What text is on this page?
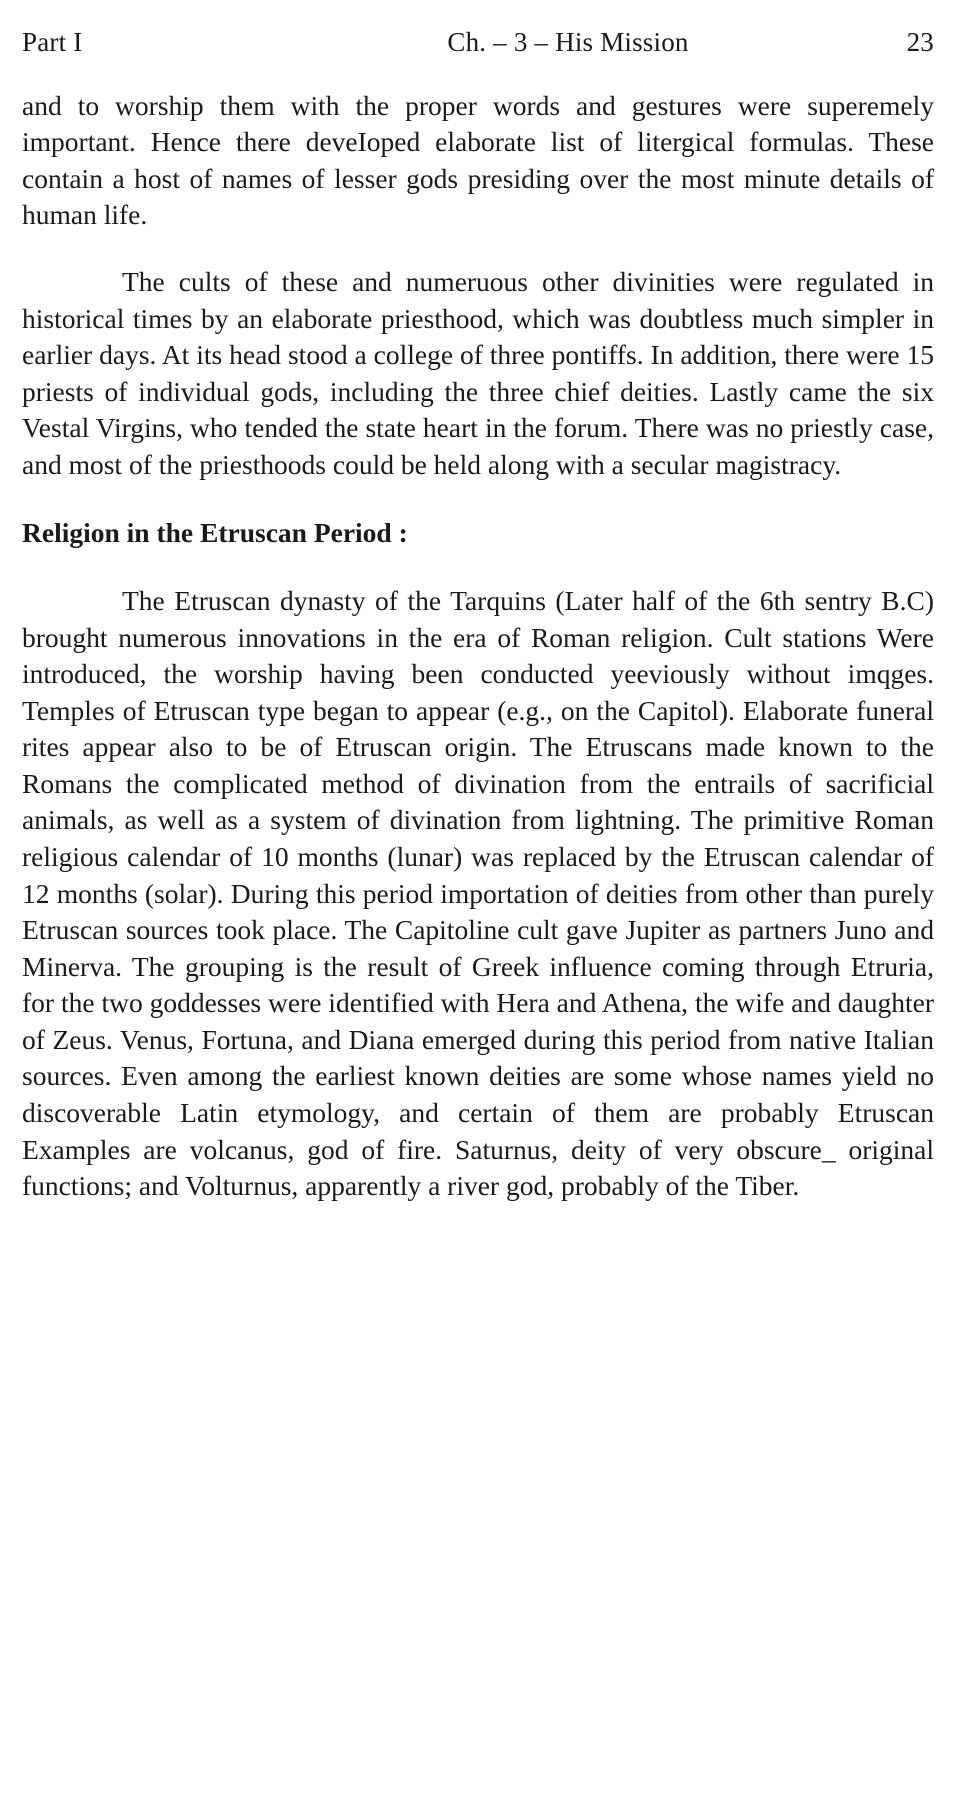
Part I	Ch. – 3 – His Mission	23

and to worship them with the proper words and gestures were superemely important. Hence there deveIoped elaborate list of litergical formulas. These contain a host of names of lesser gods presiding over the most minute details of human life.

The cults of these and numeruous other divinities were regulated in historical times by an elaborate priesthood, which was doubtless much simpler in earlier days. At its head stood a college of three pontiffs. In addition, there were 15 priests of individual gods, including the three chief deities. Lastly came the six Vestal Virgins, who tended the state heart in the forum. There was no priestly case, and most of the priesthoods could be held along with a secular magistracy.

Religion in the Etruscan Period :

The Etruscan dynasty of the Tarquins (Later half of the 6th sentry B.C) brought numerous innovations in the era of Roman religion. Cult stations Were introduced, the worship having been conducted yeeviously without imqges. Temples of Etruscan type began to appear (e.g., on the Capitol). Elaborate funeral rites appear also to be of Etruscan origin. The Etruscans made known to the Romans the complicated method of divination from the entrails of sacrificial animals, as well as a system of divination from lightning. The primitive Roman religious calendar of 10 months (lunar) was replaced by the Etruscan calendar of 12 months (solar). During this period importation of deities from other than purely Etruscan sources took place. The Capitoline cult gave Jupiter as partners Juno and Minerva. The grouping is the result of Greek influence coming through Etruria, for the two goddesses were identified with Hera and Athena, the wife and daughter of Zeus. Venus, Fortuna, and Diana emerged during this period from native Italian sources. Even among the earliest known deities are some whose names yield no discoverable Latin etymology, and certain of them are probably Etruscan Examples are volcanus, god of fire. Saturnus, deity of very obscure_ original functions; and Volturnus, apparently a river god, probably of the Tiber.
